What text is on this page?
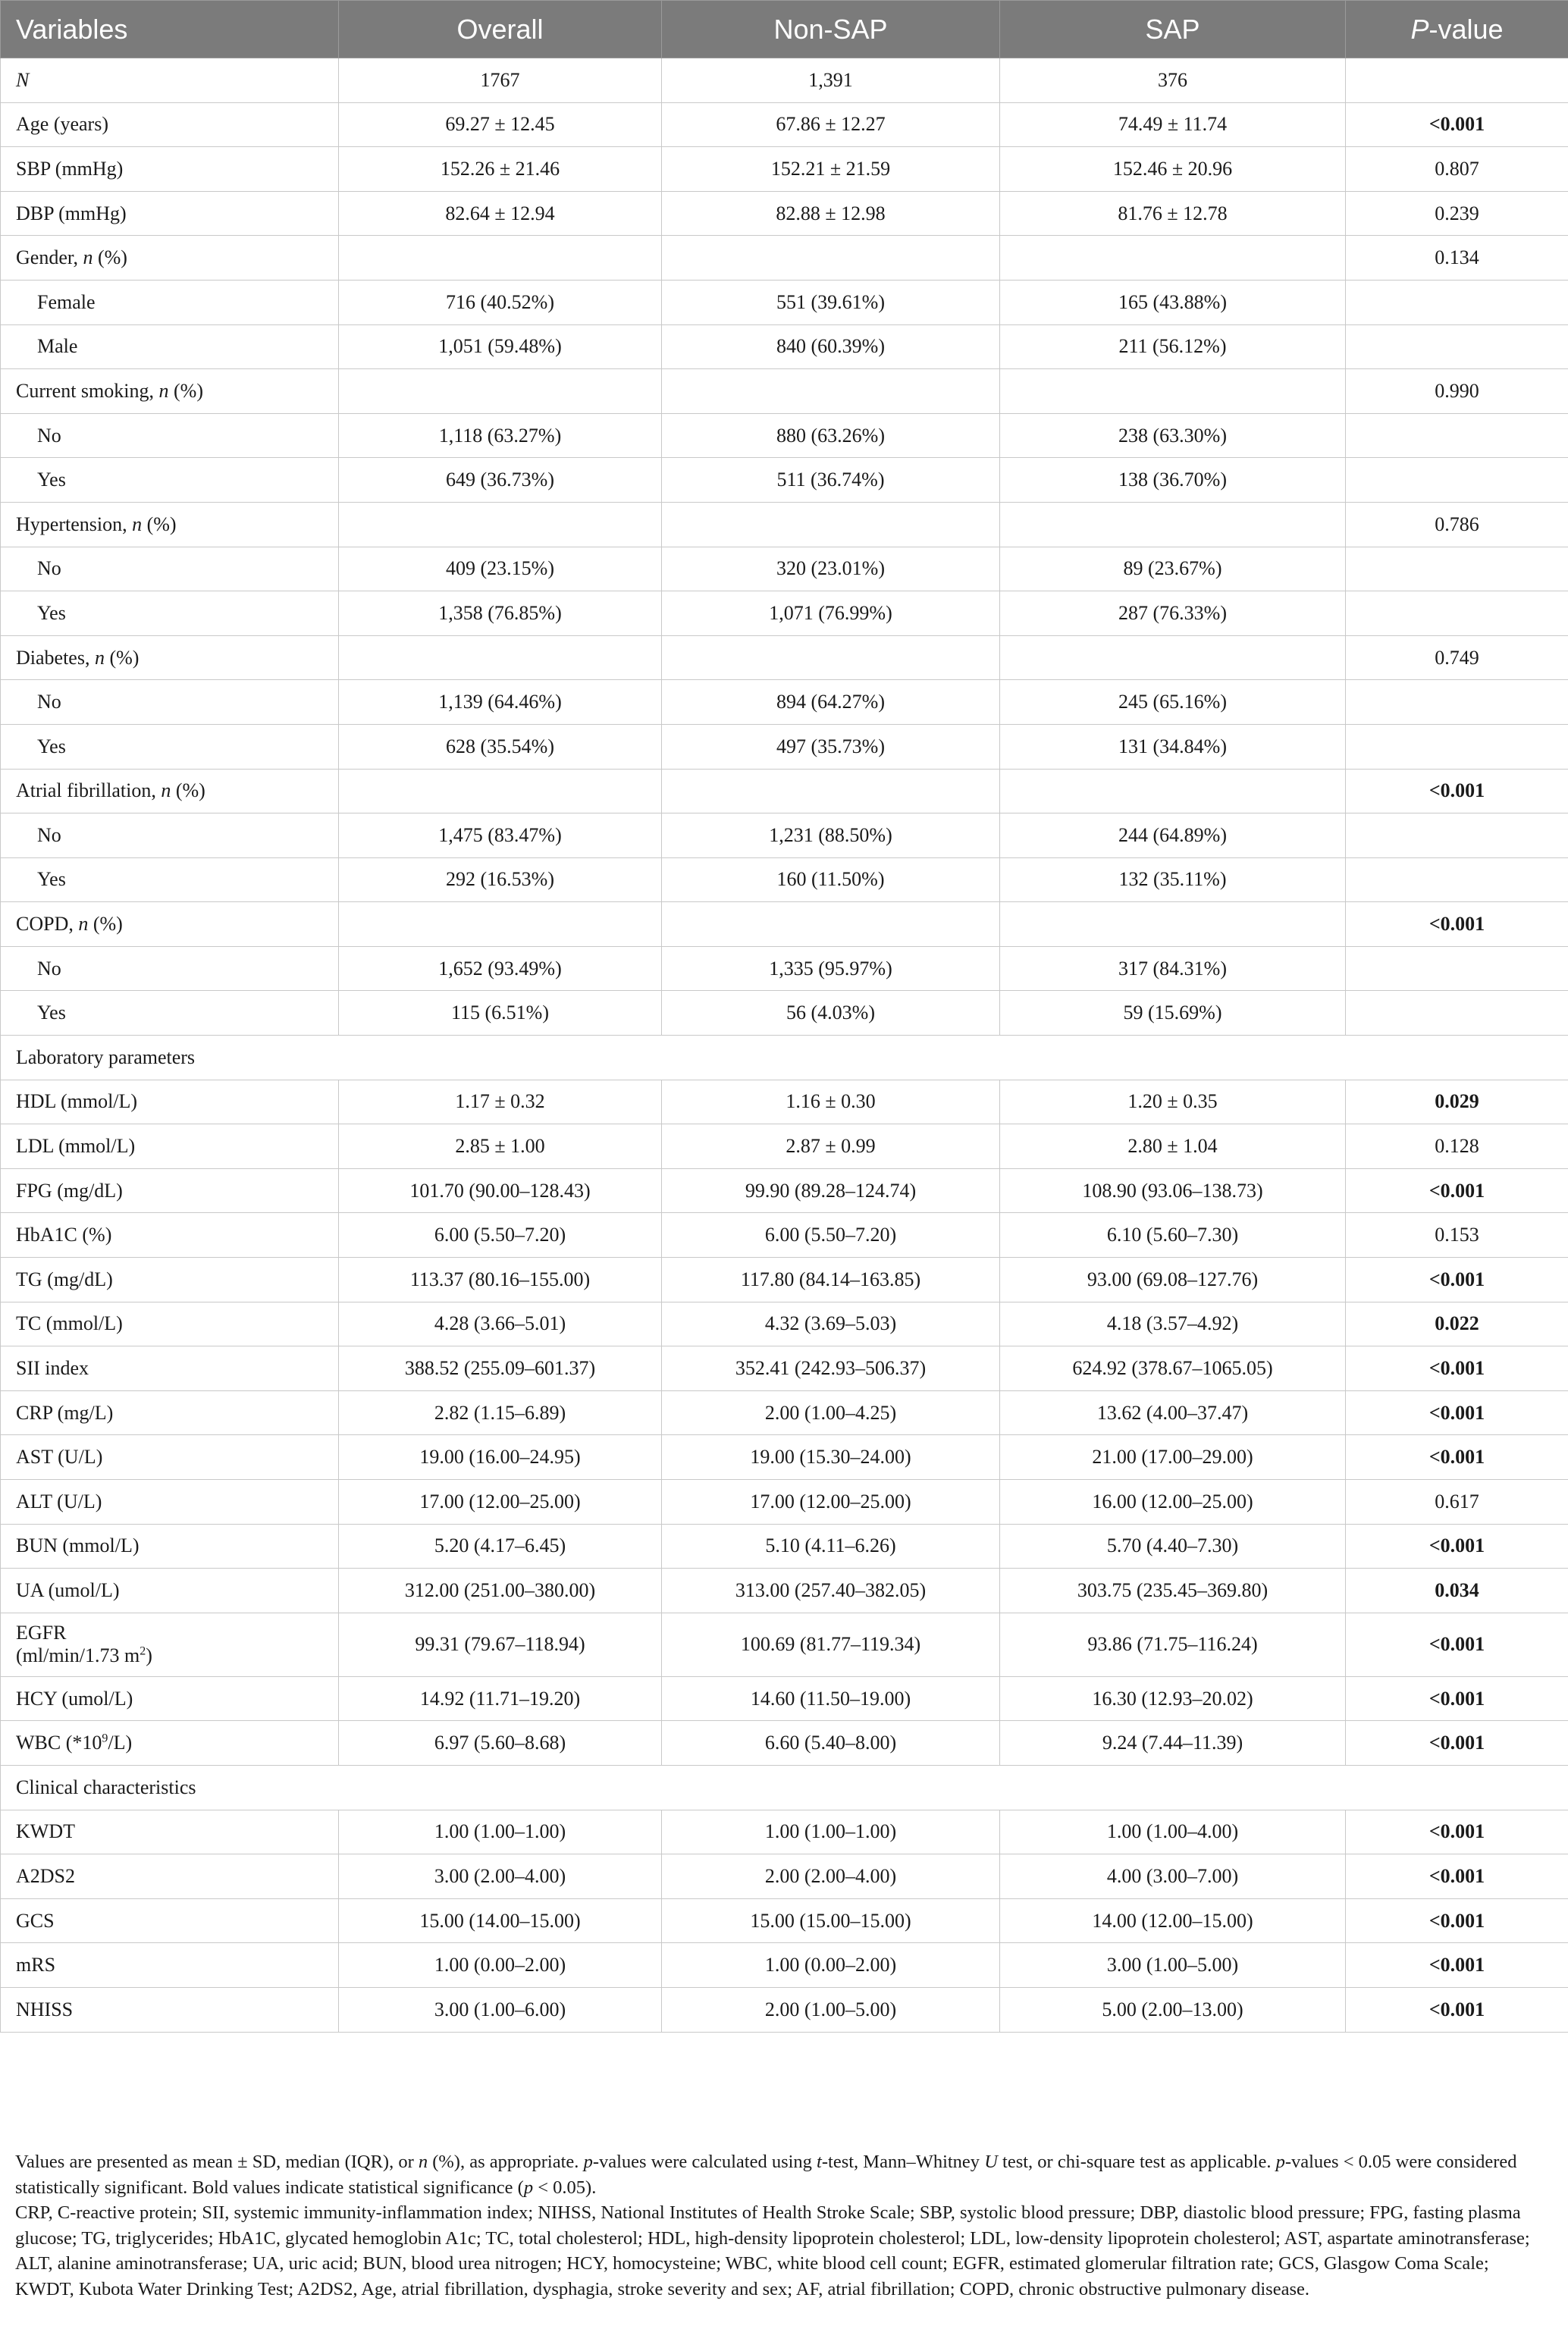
Variables	Overall	Non-SAP	SAP	P-value
N	1767	1,391	376	
Age (years)	69.27 ± 12.45	67.86 ± 12.27	74.49 ± 11.74	<0.001
SBP (mmHg)	152.26 ± 21.46	152.21 ± 21.59	152.46 ± 20.96	0.807
DBP (mmHg)	82.64 ± 12.94	82.88 ± 12.98	81.76 ± 12.78	0.239
Gender, n (%)				0.134
Female	716 (40.52%)	551 (39.61%)	165 (43.88%)	
Male	1,051 (59.48%)	840 (60.39%)	211 (56.12%)	
Current smoking, n (%)				0.990
No	1,118 (63.27%)	880 (63.26%)	238 (63.30%)	
Yes	649 (36.73%)	511 (36.74%)	138 (36.70%)	
Hypertension, n (%)				0.786
No	409 (23.15%)	320 (23.01%)	89 (23.67%)	
Yes	1,358 (76.85%)	1,071 (76.99%)	287 (76.33%)	
Diabetes, n (%)				0.749
No	1,139 (64.46%)	894 (64.27%)	245 (65.16%)	
Yes	628 (35.54%)	497 (35.73%)	131 (34.84%)	
Atrial fibrillation, n (%)				<0.001
No	1,475 (83.47%)	1,231 (88.50%)	244 (64.89%)	
Yes	292 (16.53%)	160 (11.50%)	132 (35.11%)	
COPD, n (%)				<0.001
No	1,652 (93.49%)	1,335 (95.97%)	317 (84.31%)	
Yes	115 (6.51%)	56 (4.03%)	59 (15.69%)	
Laboratory parameters				
HDL (mmol/L)	1.17 ± 0.32	1.16 ± 0.30	1.20 ± 0.35	0.029
LDL (mmol/L)	2.85 ± 1.00	2.87 ± 0.99	2.80 ± 1.04	0.128
FPG (mg/dL)	101.70 (90.00–128.43)	99.90 (89.28–124.74)	108.90 (93.06–138.73)	<0.001
HbA1C (%)	6.00 (5.50–7.20)	6.00 (5.50–7.20)	6.10 (5.60–7.30)	0.153
TG (mg/dL)	113.37 (80.16–155.00)	117.80 (84.14–163.85)	93.00 (69.08–127.76)	<0.001
TC (mmol/L)	4.28 (3.66–5.01)	4.32 (3.69–5.03)	4.18 (3.57–4.92)	0.022
SII index	388.52 (255.09–601.37)	352.41 (242.93–506.37)	624.92 (378.67–1065.05)	<0.001
CRP (mg/L)	2.82 (1.15–6.89)	2.00 (1.00–4.25)	13.62 (4.00–37.47)	<0.001
AST (U/L)	19.00 (16.00–24.95)	19.00 (15.30–24.00)	21.00 (17.00–29.00)	<0.001
ALT (U/L)	17.00 (12.00–25.00)	17.00 (12.00–25.00)	16.00 (12.00–25.00)	0.617
BUN (mmol/L)	5.20 (4.17–6.45)	5.10 (4.11–6.26)	5.70 (4.40–7.30)	<0.001
UA (umol/L)	312.00 (251.00–380.00)	313.00 (257.40–382.05)	303.75 (235.45–369.80)	0.034
EGFR
(ml/min/1.73 $m^2$)	99.31 (79.67–118.94)	100.69 (81.77–119.34)	93.86 (71.75–116.24)	<0.001
HCY (umol/L)	14.92 (11.71–19.20)	14.60 (11.50–19.00)	16.30 (12.93–20.02)	<0.001
WBC $(*10^9/L)$	6.97 (5.60–8.68)	6.60 (5.40–8.00)	9.24 (7.44–11.39)	<0.001
Clinical characteristics				
KWDT	1.00 (1.00–1.00)	1.00 (1.00–1.00)	1.00 (1.00–4.00)	<0.001
A2DS2	3.00 (2.00–4.00)	2.00 (2.00–4.00)	4.00 (3.00–7.00)	<0.001
GCS	15.00 (14.00–15.00)	15.00 (15.00–15.00)	14.00 (12.00–15.00)	<0.001
mRS	1.00 (0.00–2.00)	1.00 (0.00–2.00)	3.00 (1.00–5.00)	<0.001
NHISS	3.00 (1.00–6.00)	2.00 (1.00–5.00)	5.00 (2.00–13.00)	<0.001

Values are presented as mean ± SD, median (IQR), or n (%), as appropriate. p-values were calculated using t-test, Mann–Whitney U test, or chi-square test as applicable. p-values < 0.05 were considered statistically significant. Bold values indicate statistical significance (p < 0.05).

CRP, C-reactive protein; SII, systemic immunity-inflammation index; NIHSS, National Institutes of Health Stroke Scale; SBP, systolic blood pressure; DBP, diastolic blood pressure; FPG, fasting plasma glucose; TG, triglycerides; HbA1C, glycated hemoglobin A1c; TC, total cholesterol; HDL, high-density lipoprotein cholesterol; LDL, low-density lipoprotein cholesterol; AST, aspartate aminotransferase; ALT, alanine aminotransferase; UA, uric acid; BUN, blood urea nitrogen; HCY, homocysteine; WBC, white blood cell count; EGFR, estimated glomerular filtration rate; GCS, Glasgow Coma Scale; KWDT, Kubota Water Drinking Test; A2DS2, Age, atrial fibrillation, dysphagia, stroke severity and sex; AF, atrial fibrillation; COPD, chronic obstructive pulmonary disease.
